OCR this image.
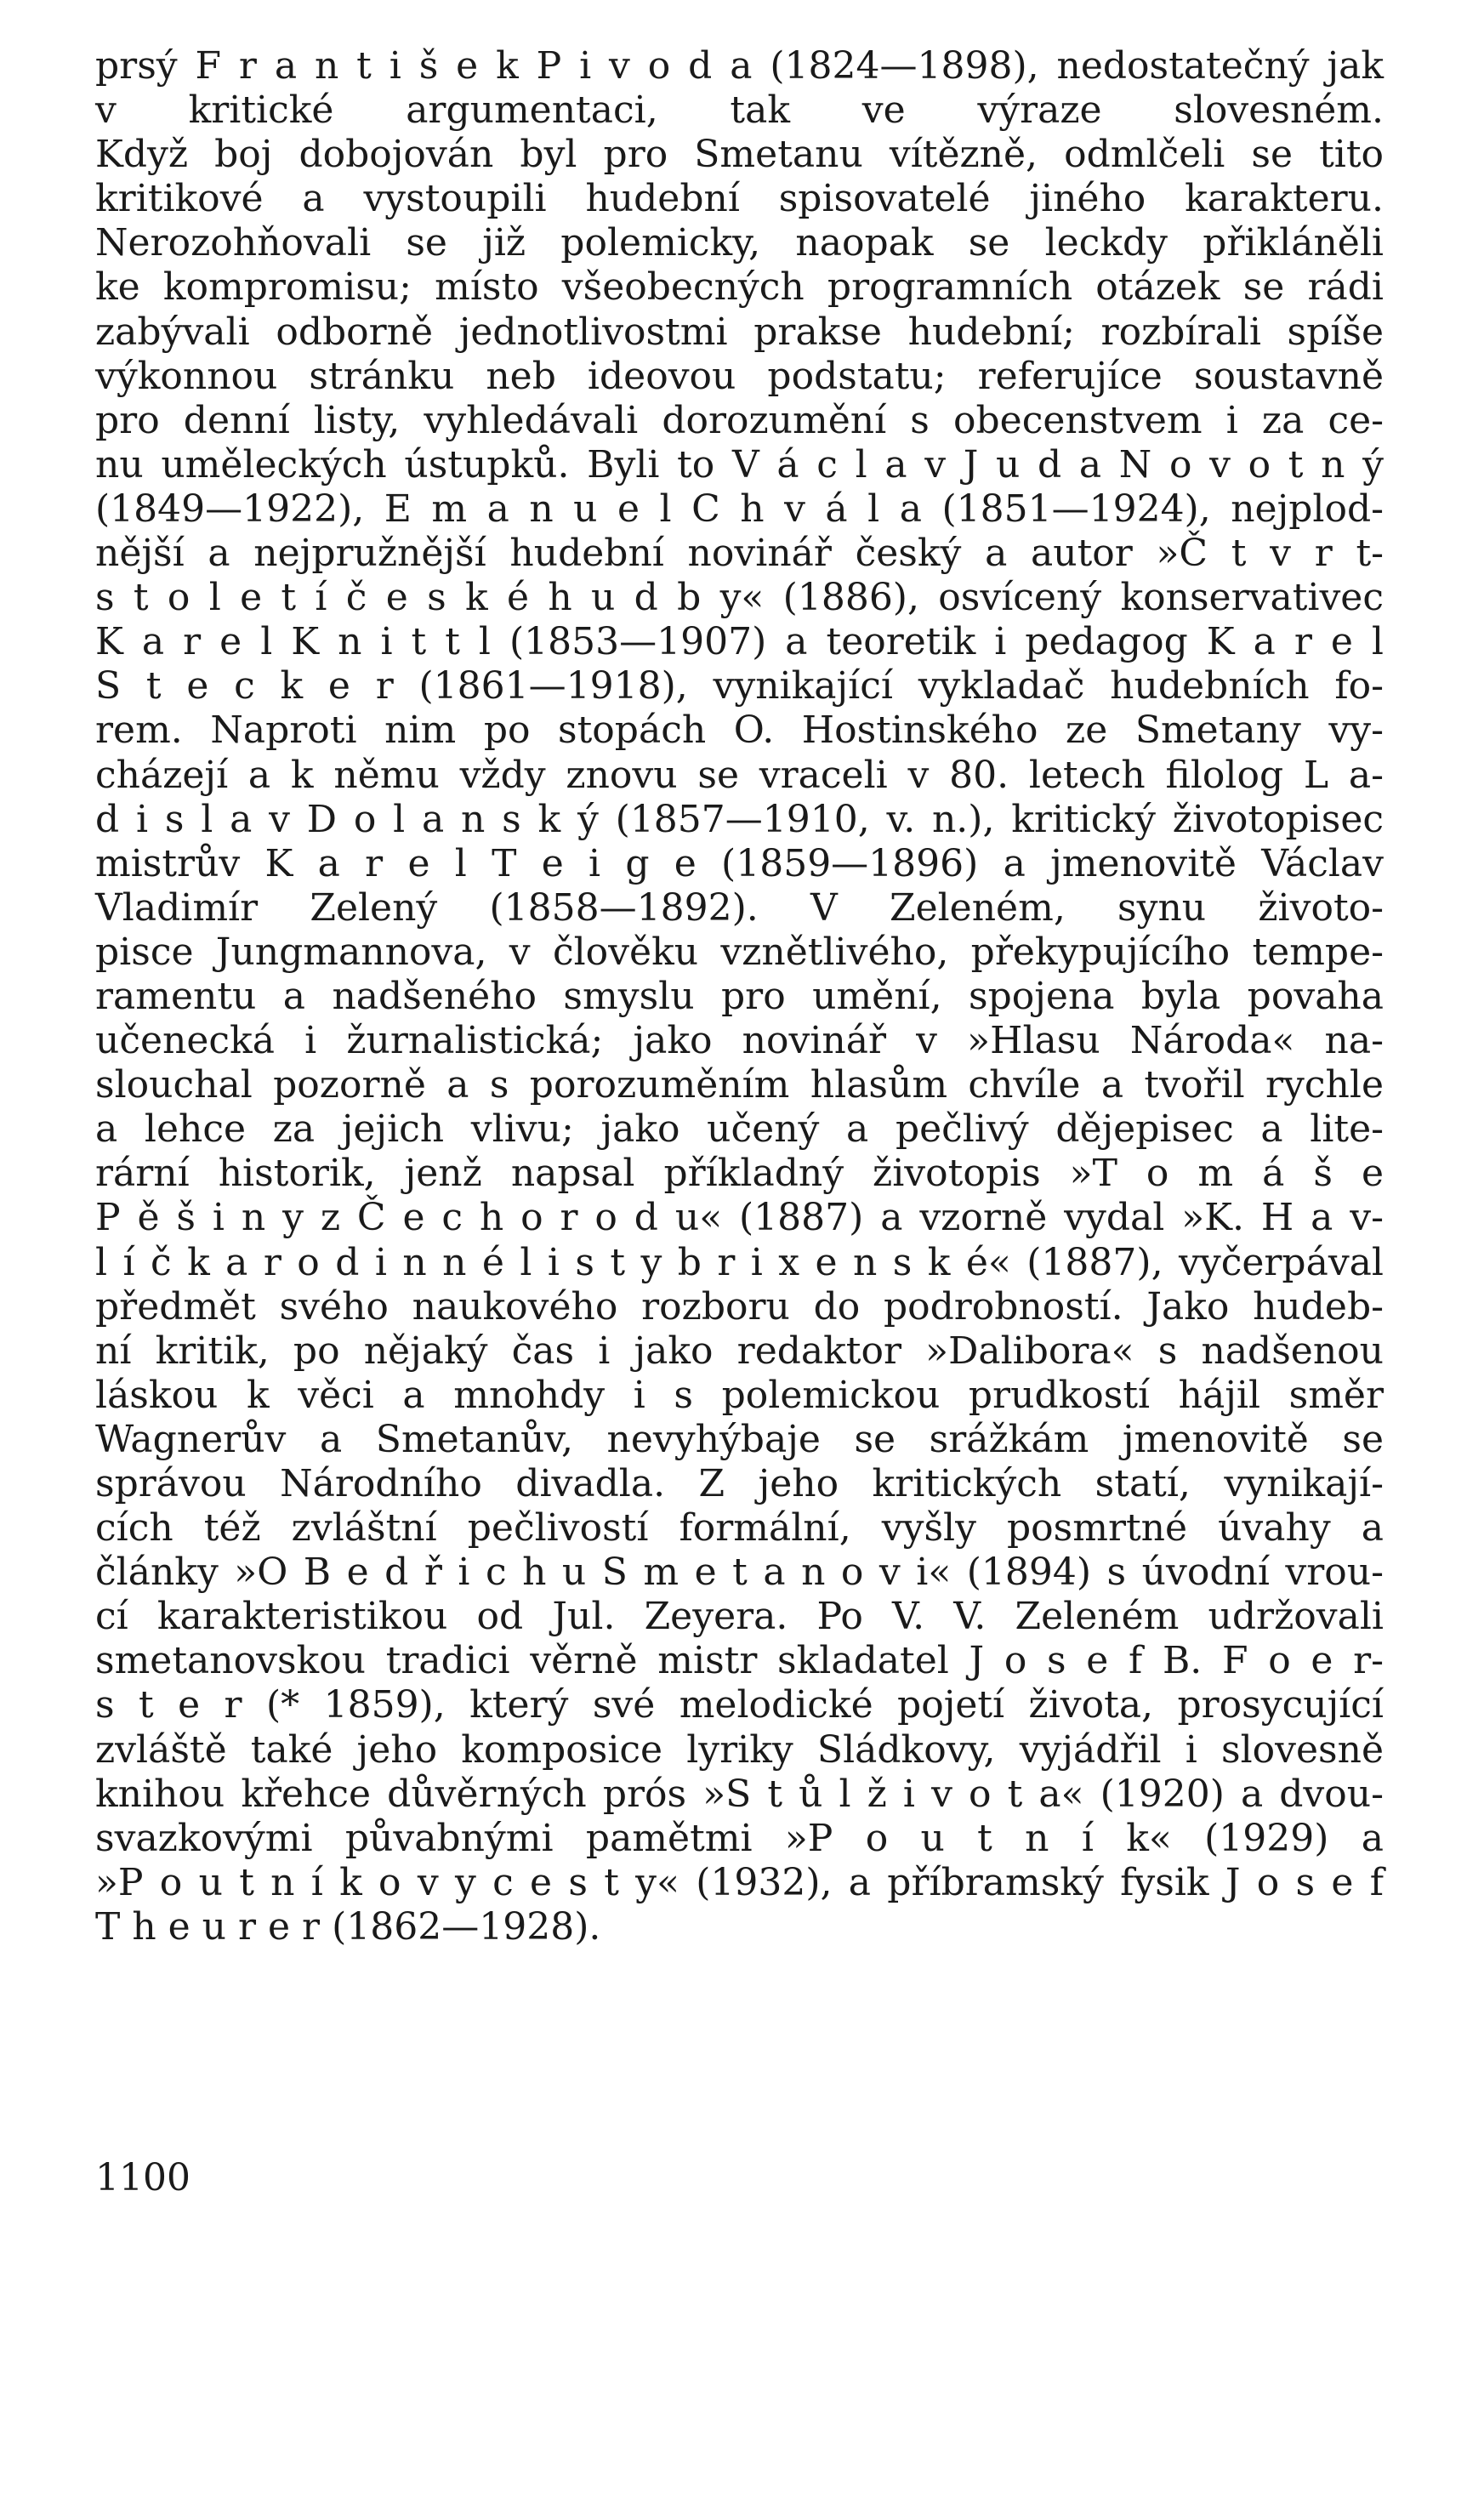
prsý F r a n t i š e k P i v o d a (1824—1898), nedostatečný jak
v kritické argumentaci, tak ve výraze slovesném.
Když boj dobojován byl pro Smetanu vítězně, odmlčeli se tito
kritikové a vystoupili hudební spisovatelé jiného karakteru.
Nerozohňovali se již polemicky, naopak se leckdy přikláněli
ke kompromisu; místo všeobecných programních otázek se rádi
zabývali odborně jednotlivostmi prakse hudební; rozbírali spíše
výkonnou stránku neb ideovou podstatu; referujíce soustavně
pro denní listy, vyhledávali dorozumění s obecenstvem i za ce-
nu uměleckých ústupků. Byli to V á c l a v J u d a N o v o t n ý
(1849—1922), E m a n u e l C h v á l a (1851—1924), nejplod-
nější a nejpružnější hudební novinář český a autor »Č t v r t-
s t o l e t í č e s k é h u d b y« (1886), osvícený konservativec
K a r e l K n i t t l (1853—1907) a teoretik i pedagog K a r e l
S t e c k e r (1861—1918), vynikající vykladač hudebních fo-
rem. Naproti nim po stopách O. Hostinského ze Smetany vy-
cházejí a k němu vždy znovu se vraceli v 80. letech filolog L a-
d i s l a v D o l a n s k ý (1857—1910, v. n.), kritický životopisec
mistrův K a r e l T e i g e (1859—1896) a jmenovitě Václav
Vladimír Zelený (1858—1892). V Zeleném, synu životo-
pisce Jungmannova, v člověku vznětlivého, překypujícího tempe-
ramentu a nadšeného smyslu pro umění, spojena byla povaha
učenecká i žurnalistická; jako novinář v »Hlasu Národa« na-
slouchal pozorně a s porozuměním hlasům chvíle a tvořil rychle
a lehce za jejich vlivu; jako učený a pečlivý dějepisec a lite-
rární historik, jenž napsal příkladný životopis »T o m á š e
P ě š i n y z Č e c h o r o d u« (1887) a vzorně vydal »K. H a v-
l í č k a r o d i n n é l i s t y b r i x e n s k é« (1887), vyčerpával
předmět svého naukového rozboru do podrobností. Jako hudeb-
ní kritik, po nějaký čas i jako redaktor »Dalibora« s nadšenou
láskou k věci a mnohdy i s polemickou prudkostí hájil směr
Wagnerův a Smetanův, nevyhýbaje se srážkám jmenovitě se
správou Národního divadla. Z jeho kritických statí, vynikají-
cích též zvláštní pečlivostí formální, vyšly posmrtné úvahy a
články »O B e d ř i c h u S m e t a n o v i« (1894) s úvodní vrou-
cí karakteristikou od Jul. Zeyera. Po V. V. Zeleném udržovali
smetanovskou tradici věrně mistr skladatel J o s e f B. F o e r-
s t e r (* 1859), který své melodické pojetí života, prosycující
zvláště také jeho komposice lyriky Sládkovy, vyjádřil i slovesně
knihou křehce důvěrných prós »S t ů l ž i v o t a« (1920) a dvou-
svazkovými půvabnými pamětmi »P o u t n í k« (1929) a
»P o u t n í k o v y c e s t y« (1932), a příbramský fysik J o s e f
T h e u r e r (1862—1928).
1100
